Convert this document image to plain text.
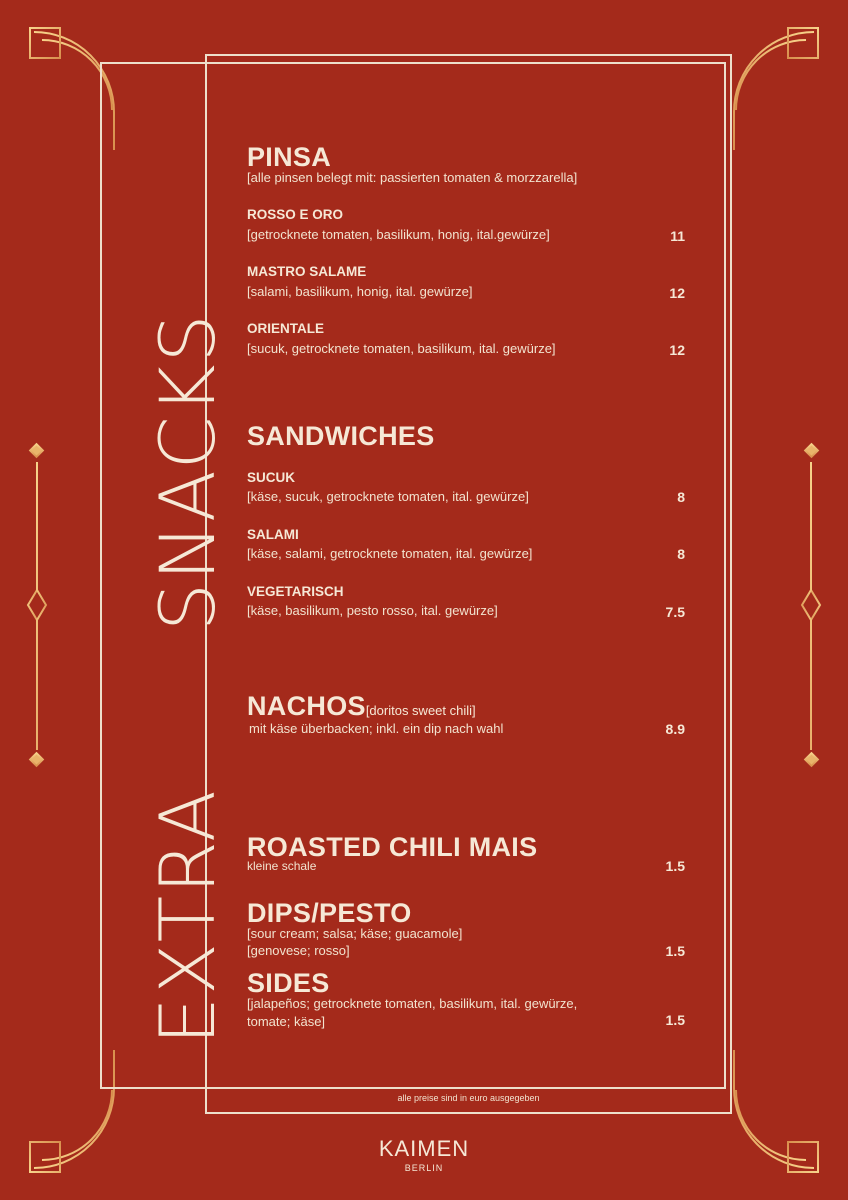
EXTRA      SNACKS
PINSA
[alle pinsen belegt mit: passierten tomaten & morzzarella]
ROSSO E ORO
[getrocknete tomaten, basilikum, honig, ital.gewürze]	11
MASTRO SALAME
[salami, basilikum, honig, ital. gewürze]	12
ORIENTALE
[sucuk, getrocknete tomaten, basilikum, ital. gewürze]	12
SANDWICHES
SUCUK
[käse, sucuk, getrocknete tomaten, ital. gewürze]	8
SALAMI
[käse, salami, getrocknete tomaten, ital. gewürze]	8
VEGETARISCH
[käse, basilikum, pesto rosso, ital. gewürze]	7.5
NACHOS[doritos sweet chili]
mit käse überbacken; inkl. ein dip nach wahl	8.9
ROASTED CHILI MAIS
kleine schale	1.5
DIPS/PESTO
[sour cream; salsa; käse; guacamole]
[genovese; rosso]	1.5
SIDES
[jalapeños; getrocknete tomaten, basilikum, ital. gewürze,
tomate; käse]	1.5
alle preise sind in euro ausgegeben
KAIMEN
BERLIN
